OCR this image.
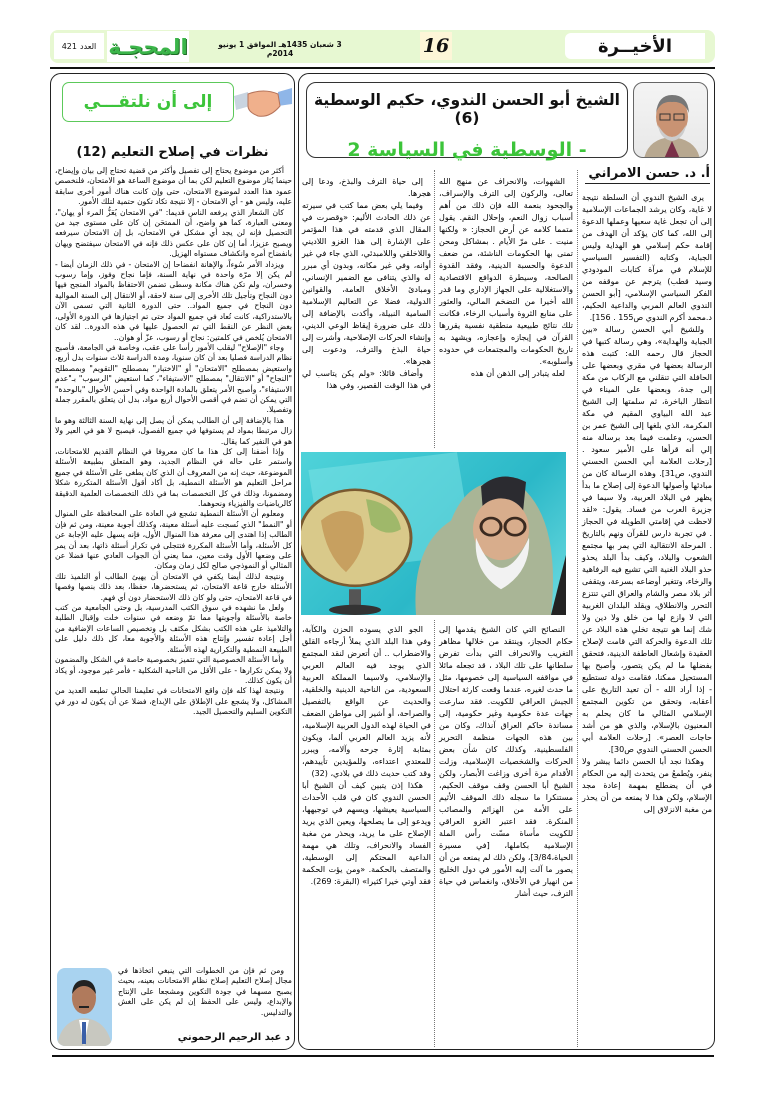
الأخيــرة
16
3 شعبان 1435هـ الموافق 1 يونيو 2014م
المحجـة
العدد
421
الشيخ أبو الحسن الندوي، حكيم الوسطية (6)
- الوسطية في السياسة 2
أ. د. حسن الامراني

يرى الشيخ الندوي أن السلطة نتيجة لا غاية، وكان يرشد الجماعات الإسلامية إلى أن تجعل غاية سعيها وعملها الدعوة إلى الله، كما كان يؤكد أن الهدف من إقامة حكم إسلامي هو الهداية وليس الجباية، وكتابه (التفسير السياسي للإسلام في مرآة كتابات المودودي وسيد قطب) يترجم عن موقفه من الفكر السياسي الإسلامي، [أبو الحسن الندوي العالم المربي والداعية الحكيم، د.محمد أكرم الندوي ص155 . 156].

وللشيخ أبي الحسن رسالة «بين الجباية والهداية»، وهي رسالة كتبها في الحجاز قال رحمه الله: كتبت هذه الرسالة بعضها في مقري وبعضها على الحافلة التي تنقلني مع الركاب من مكة إلى جدة، وبعضها على الميناء في انتظار الباخرة، ثم سلمتها إلى الشيخ عبد الله البياوي المقيم في مكة المكرمة، الذي بلغها إلى الشيخ عمر بن الحسن، وعلمت فيما بعد برسالة منه إلي أنه قرأها على الأمير سعود . [رحلات العلامة أبي الحسن الحسني الندوي، ص31]. وهذه الرسالة كان من مبادئها وأصولها الدعوة إلى إصلاح ما بدأ يظهر في البلاد العربية، ولا سيما في جزيرة العرب من فساد. يقول: «لقد لاحظت في إقامتي الطويلة في الحجاز . في تجربة دارس للقرآن ونهم بالتاريخ . المرحلة الانتقالية التي يمر بها مجتمع الشعوب والبلاد، وكيف بدأ البلد يحذو حذو البلاد الغنية التي تشيع فيه الرفاهية والرخاء، وتتغير أوضاعه بسرعة، ويتقفى أثر بلاد مصر والشام والعراق التي تنتزع التحرر والانطلاق، ويقلد البلدان الغربية التي لا وازع لها من خلق ولا دين ولا شك إنما هو نتيجة تخلي هذه البلاد عن تلك الدعوة والحركة التي قامت لإصلاح العقيدة وإشعال العاطفة الدينية، فتحقق بفضلها ما لم يكن يتصور، وأصبح بها المستحيل ممكنا، فقامت دولة تستطيع - إذا أراد الله - أن تعيد التاريخ على أعقابه، وتحقق من تكوين المجتمع الإسلامي المثالي ما كان يحلم به المعنيون بالإسلام، والذي هو من أشد حاجات العصر». [رحلات العلامة أبي الحسن الحسني الندوي ص30].

وهكذا نجد أبا الحسن دائما يبشر ولا ينفر، ويُطمعُ من يتحدث إليه من الحكام في أن يضطلع بمهمة إعادة مجد الإسلام، ولكن هذا لا يمنعه من أن يحذر من مغبة الانزلاق إلى

الشهوات، والانحراف عن منهج الله تعالى، والركون إلى الترف والإسراف، والجحود بنعمة الله فإن ذلك من أهم أسباب زوال النعم، وإحلال النقم. يقول متمما كلامه عن أرض الحجاز: « ولكنها منيت . على مرّ الأيام . بمشاكل ومحن تمنى بها الحكومات الناشئة، من ضعف الدعوة والحسبة الدينية، وفقد القدوة الصالحة، وسيطرة الدوافع الاقتصادية والاستغلالية على الجهاز الإداري وما قدر الله أخيرا من التضخم المالي، والعثور على منابع الثروة وأسباب الرخاء، فكانت تلك نتائج طبيعية منطقية نفسية يقررها القرآن في إيجازه وإعجازه، ويشهد به تاريخ الحكومات والمجتمعات في حدوده وأسلوبه».

لعله يتبادر إلى الذهن أن هذه

إلى حياة الترف والبذخ، ودعا إلى هجرها.

وفيما يلي بعض مما كتب في سيرته عن ذلك الحادث الأليم: «وقصرت في المقال الذي قدمته في هذا المؤتمر على الإشارة إلى هذا الغزو اللاديني واللاخلقي واللامبدئي، الذي جاء في غير أوانه، وفي غير مكانه، وبدون أي مبرر له والذي يتنافى مع الضمير الإنساني، ومبادئ الأخلاق العامة، والقوانين الدولية، فضلا عن التعاليم الإسلامية السامية النبيلة، وأكدت بالإضافة إلى ذلك على ضرورة إيقاظ الوعي الديني، وإنشاء الحركات الإصلاحية، وأشرت إلى حياة البذخ والترف، ودعوت إلى هجرها».

وأضاف قائلا: «ولم يكن يتاسب لي في هذا الوقت القصير، وفي هذا

النصائح التي كان الشيخ يقدمها إلى حكام الحجاز، وينتقد من خلالها مظاهر التغريب والانحراف التي بدأت تفرض سلطانها على تلك البلاد ، قد تجعله مائلا في مواقفه السياسية إلى خصومها، مثل ما حدث لغيره، عندما وقعت كارثة احتلال الجيش العراقي للكويت. فقد سارعت جهات عدة حكومية وغير حكومية، إلى مساندة حاكم العراق آنذاك، وكان من بين هذه الجهات منظمة التحرير الفلسطينية، وكذلك كان شأن بعض الحركات والشخصيات الإسلامية، وزلت الأقدام مرة أخرى وزاغت الأبصار، ولكن الشيخ أبا الحسن وقف موقف الحكيم، مستنكرا ما سجله ذلك الموقف الأثيم على الأمة من الهزائم والمصائب المنكرة. فقد اعتبر الغزو العراقي للكويت مأساة مسّت رأس الملة الإسلامية بكاملها، [في مسيرة الحياة،3/84]، ولكن ذلك لم يمنعه من أن يصور ما آلت إليه الأمور في دول الخليج من انهيار في الأخلاق، وانغماس في حياة الترف، حيث أشار

الجو الذي يسوده الحزن والكآبة، وفي هذا البلد الذي يملأ أرجاءه القلق والاضطراب .. أن أتعرض لنقد المجتمع الذي يوجد فيه العالم العربي والإسلامي، ولاسيما المملكة العربية السعودية، من الناحية الدينية والخلقية، والحديث عن الواقع بالتفصيل والصراحة، أو أشير إلى مواطن الضعف في الحياة لهذه الدول العربية الإسلامية، لأنه يزيد العالم العربي ألما، ويكون بمثابة إثارة جرحه وآلامه، ويبرر للمعتدي اعتداءه، وللمؤيدين تأييدهم، وقد كتب حديث ذلك في بلادي، (32)

هكذا إذن يتبين كيف أن الشيخ أبا الحسن الندوي كان في قلب الأحداث السياسية يعيشها، ويسهم في توجيهها، ويدعو إلى ما يصلحها، ويعين الذي يريد الإصلاح على ما يريد، ويحذر من مغبة الفساد والانحراف، وتلك هي مهمة الداعية المحتكم إلى الوسطية، والمتصف بالحكمة. «ومن يؤت الحكمة فقد أوتي خيرا كثيرا» (البقرة: 269).

إلى أن نلتقـــي
نظرات في إصلاح التعليم (12)

أكثر من موضوع يحتاج إلى تفصيل وأكثر من قضية تحتاج إلى بيان وإيضاح، حينما يُثار موضوع التعليم لكن بما أن موضوع الساعة هو الامتحان، فلنخصص عمود هذا العدد لموضوع الامتحان، حتى وإن كانت هناك أمور أخرى سابقة عليه، وليس هو - أي الامتحان - إلا نتيجة تكاد تكون حتمية لتلك الأمور.

كان الشعار الذي يرفعه الناس قديما: "في الامتحان يُعَزُّ المرء أو يهان"، ومعنى العبارة، كما هو واضح، أن الممتحَن إن كان على مستوى جيد من التحصيل فإنه لن يجد أي مشكل في الامتحان، بل إن الامتحان سيرفعه ويصبح عزيزا، أما إن كان على عكس ذلك فإنه في الامتحان سيفتضح ويهان بانفضاح أمره وانكشاف مستواه الهزيل.

ويزداد الأمر سُوءاً، والإهانة انفضاحا إن الامتحان - في ذلك الزمان أيضا - لم يكن إلا مرّة واحدة في نهاية السنة، فإما نجاح وفوز، وإما رسوب وخسران، ولم تكن هناك مكانة وسطى تضمن الاحتفاظ بالمواد المنجح فيها دون النجاح وتأجيل تلك الأخرى إلى سنة لاحقة، أو الانتقال إلى السنة الموالية دون النجاح في جميع المواد.. حتى الدورة الثانية التي تسمى الآن بالاستدراكية، كانت تُعاد في جميع المواد حتى تم اجتيازها في الدورة الأولى، بغض النظر عن النقط التي تم الحصول عليها في هذه الدورة.. لقد كان الامتحان يُلخص في كلمتين: نجاح أو رسوب، عزّ أو هوان..

وجاء "الإصلاح" ليقلب الأمور رأسا على عقب، وخاصة في الجامعة، فأصبح نظام الدراسة فصليا بعد أن كان سنويا، ومدة الدراسة ثلاث سنوات بدل أربع، واستعيض بمصطلح "الامتحان" أو "الاختبار" بمصطلح "التقويم" وبمصطلح "النجاح" أو "الانتقال" بمصطلح "الاستيفاء"، كما استعيض "الرسوب" بـ"عدم الاستيفاء"، وأصبح الأمر يتعلق بالمادة الواحدة وفي أحسن الأحوال "بالوحدة" التي يمكن أن تضم في أقصى الأحوال أربع مواد، بدل أن يتعلق بالمقرر جملة وتفصيلا.

هذا بالإضافة إلى أن الطالب يمكن أن يصل إلى نهاية السنة الثالثة وهو ما زال مرتبطا بمواد لم يستوفها في جميع الفصول، فيصبح لا هو في العير ولا هو في النفير كما يقال.

وإذا أضفنا إلى كل هذا ما كان معروفا في النظام القديم للامتحانات، واستمر على حاله في النظام الجديد، وهو المتعلق بطبيعة الأسئلة الموضوعة، حيث إنه من المعروف أن الذي كان يطغى على الأسئلة في جميع مراحل التعليم هو الأسئلة النمطية، بل أكاد أقول الأسئلة المتكررة شكلا ومضمونا، وذلك في كل التخصصات بما في ذلك التخصصات العلمية الدقيقة كالرياضيات والفيزياء ونحوهما.

ومعلوم أن الأسئلة النمطية تشجع في العادة على المحافظة على المنوال أو "النمط" الذي نُسجت عليه أسئلة معينة، وكذلك أجوبة معينة، ومن ثم فإن الطالب إذا اهتدى إلى معرفة هذا المنوال الأول، فإنه يسهل عليه الإجابة عن كل الأسئلة، وأما الأسئلة المكررة فتتجلى في تكرار أسئلة ذاتها، بعد أن يمر على وضعها الأول وقت معين، مما يعني أن الجواب العادي عنها فضلا عن المثالي أو النموذجي صالح لكل زمان ومكان.

ونتيجة لذلك أيضا يكفي في الامتحان أن يهيئ الطالب أو التلميذ تلك الأسئلة خارج قاعة الامتحان، ثم يستحضرها، حفظا، بعد ذلك بنصها وفصها في قاعة الامتحان، حتى ولو كان ذلك الاستحضار دون أي فهم.

ولعل ما نشهده في سوق الكتب المدرسية، بل وحتى الجامعية من كتب خاصة بالأسئلة وأجوبتها مما تمّ وضعه في سنوات خلت وإقبال الطلبة والتلاميذ على هذه الكتب بشكل مكثف بل وتخصيص الساعات الإضافية من أجل إعادة تفسير وإنتاج هذه الأسئلة والأجوبة معا، كل ذلك دليل على الطبيعة النمطية والتكرارية لهذه الأسئلة.

وأما الأسئلة الخصوصية التي تتميز بخصوصية خاصة في الشكل والمضمون ولا يمكن تكرارها - على الأقل من الناحية الشكلية - فأمر غير موجود، أو يكاد أن يكون كذلك.

ونتيجة لهذا كله فإن واقع الامتحانات في تعليمنا الحالي تطبعه العديد من المشاكل، ولا يشجع على الإطلاق على الإبداع، فضلا عن أن يكون له دور في التكوين السليم والتحصيل الجيد.

ومن ثم فإن من الخطوات التي ينبغي اتخاذها في مجال إصلاح التعليم إصلاح نظام الامتحانات بعينه، بحيث يصبح مسهما في جودة التكوين ومشجعا على الإنتاج والإبداع، وليس على الحفظ إن لم يكن على الغش والتدليس.

د عبد الرحيم الرحموني
